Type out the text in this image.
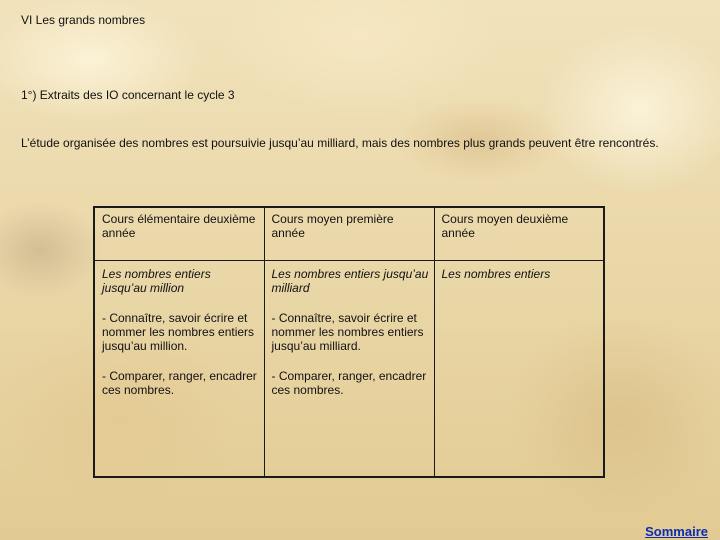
VI Les grands nombres
1°) Extraits des IO concernant le cycle 3
L’étude organisée des nombres est poursuivie jusqu’au milliard, mais des nombres plus grands peuvent être rencontrés.
Cours élémentaire deuxième année	Cours moyen première année	Cours moyen deuxième année
Les nombres entiers jusqu’au million	Les nombres entiers jusqu’au milliard	Les nombres entiers
- Connaître, savoir écrire et nommer les nombres entiers jusqu’au million.	- Connaître, savoir écrire et nommer les nombres entiers jusqu’au milliard.	
- Comparer, ranger, encadrer ces nombres.	- Comparer, ranger, encadrer ces nombres.	
Sommaire
